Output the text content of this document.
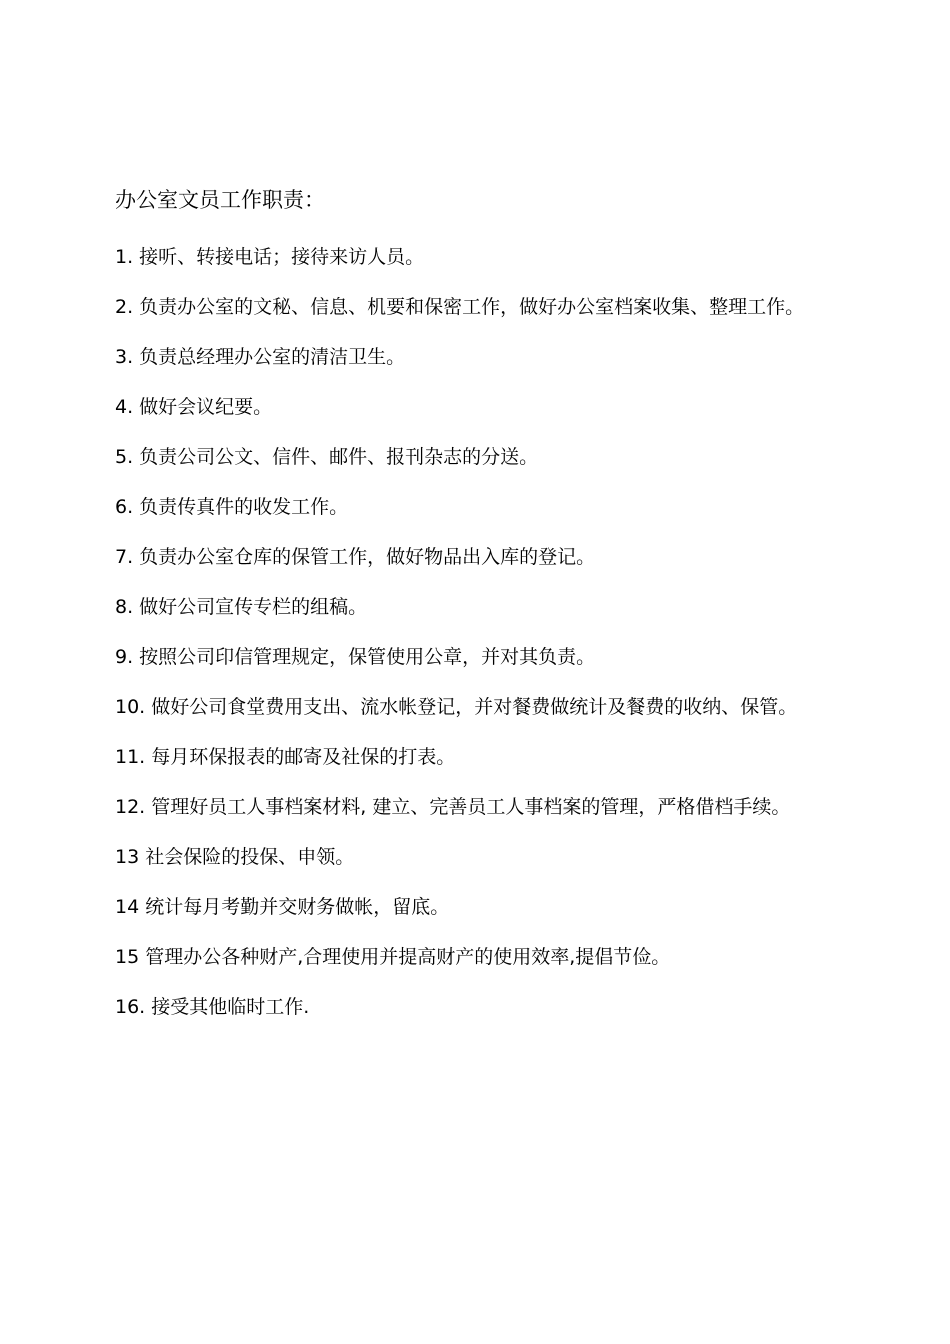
办公室文员工作职责：
1. 接听、转接电话；接待来访人员。
2. 负责办公室的文秘、信息、机要和保密工作，做好办公室档案收集、整理工作。
3. 负责总经理办公室的清洁卫生。
4. 做好会议纪要。
5. 负责公司公文、信件、邮件、报刊杂志的分送。
6. 负责传真件的收发工作。
7. 负责办公室仓库的保管工作，做好物品出入库的登记。
8. 做好公司宣传专栏的组稿。
9. 按照公司印信管理规定，保管使用公章，并对其负责。
10. 做好公司食堂费用支出、流水帐登记，并对餐费做统计及餐费的收纳、保管。
11. 每月环保报表的邮寄及社保的打表。
12. 管理好员工人事档案材料, 建立、完善员工人事档案的管理，严格借档手续。
13 社会保险的投保、申领。
14 统计每月考勤并交财务做帐，留底。
15 管理办公各种财产,合理使用并提高财产的使用效率,提倡节俭。
16. 接受其他临时工作.
